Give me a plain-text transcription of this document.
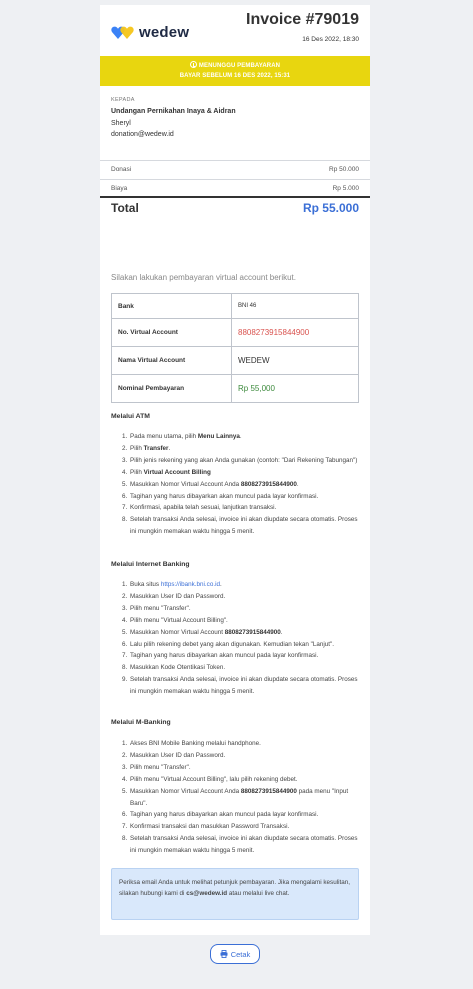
wedew
Invoice #79019
16 Des 2022, 18:30
MENUNGGU PEMBAYARAN
BAYAR SEBELUM 16 DES 2022, 15:31
KEPADA
Undangan Pernikahan Inaya & Aidran
Sheryl
donation@wedew.id
Donasi	Rp 50.000
Biaya	Rp 5.000
Total	Rp 55.000
Silakan lakukan pembayaran virtual account berikut.
Bank	BNI 46
No. Virtual Account	8808273915844900
Nama Virtual Account	WEDEW
Nominal Pembayaran	Rp 55,000
Melalui ATM
1. Pada menu utama, pilih Menu Lainnya.
2. Pilih Transfer.
3. Pilih jenis rekening yang akan Anda gunakan (contoh: "Dari Rekening Tabungan")
4. Pilih Virtual Account Billing
5. Masukkan Nomor Virtual Account Anda 8808273915844900.
6. Tagihan yang harus dibayarkan akan muncul pada layar konfirmasi.
7. Konfirmasi, apabila telah sesuai, lanjutkan transaksi.
8. Setelah transaksi Anda selesai, invoice ini akan diupdate secara otomatis. Proses ini mungkin memakan waktu hingga 5 menit.
Melalui Internet Banking
1. Buka situs https://ibank.bni.co.id.
2. Masukkan User ID dan Password.
3. Pilih menu "Transfer".
4. Pilih menu "Virtual Account Billing".
5. Masukkan Nomor Virtual Account 8808273915844900.
6. Lalu pilih rekening debet yang akan digunakan. Kemudian tekan "Lanjut".
7. Tagihan yang harus dibayarkan akan muncul pada layar konfirmasi.
8. Masukkan Kode Otentikasi Token.
9. Setelah transaksi Anda selesai, invoice ini akan diupdate secara otomatis. Proses ini mungkin memakan waktu hingga 5 menit.
Melalui M-Banking
1. Akses BNI Mobile Banking melalui handphone.
2. Masukkan User ID dan Password.
3. Pilih menu "Transfer".
4. Pilih menu "Virtual Account Billing", lalu pilih rekening debet.
5. Masukkan Nomor Virtual Account Anda 8808273915844900 pada menu "Input Baru".
6. Tagihan yang harus dibayarkan akan muncul pada layar konfirmasi.
7. Konfirmasi transaksi dan masukkan Password Transaksi.
8. Setelah transaksi Anda selesai, invoice ini akan diupdate secara otomatis. Proses ini mungkin memakan waktu hingga 5 menit.
Periksa email Anda untuk melihat petunjuk pembayaran. Jika mengalami kesulitan, silakan hubungi kami di cs@wedew.id atau melalui live chat.
Cetak
